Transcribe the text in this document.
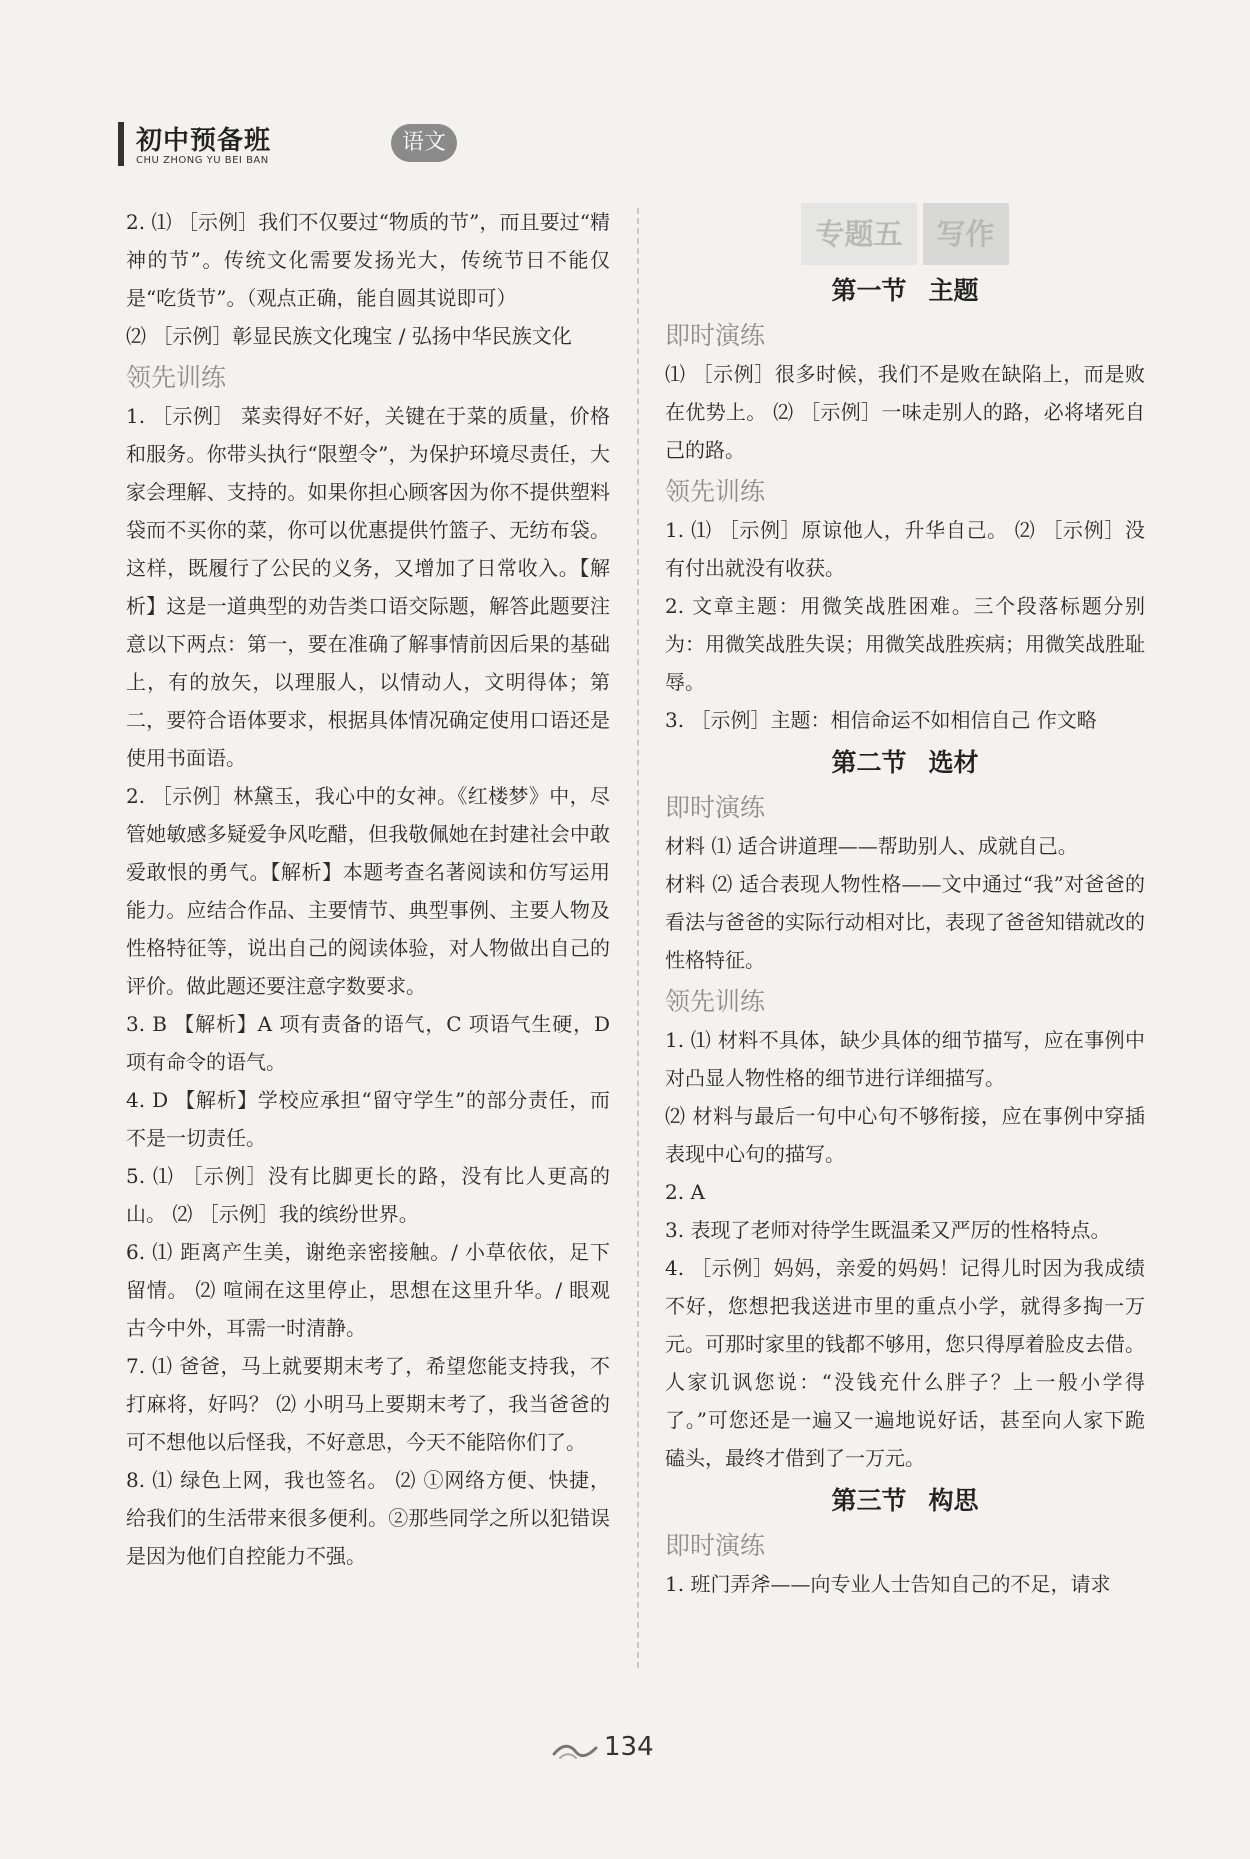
初中预备班
CHU ZHONG YU BEI BAN
语文

2. ⑴ ［示例］我们不仅要过“物质的节”，而且要过“精神的节”。传统文化需要发扬光大，传统节日不能仅是“吃货节”。（观点正确，能自圆其说即可）

⑵ ［示例］彰显民族文化瑰宝 / 弘扬中华民族文化

领先训练

1. ［示例］ 菜卖得好不好，关键在于菜的质量，价格和服务。你带头执行“限塑令”，为保护环境尽责任，大家会理解、支持的。如果你担心顾客因为你不提供塑料袋而不买你的菜，你可以优惠提供竹篮子、无纺布袋。这样，既履行了公民的义务，又增加了日常收入。【解析】这是一道典型的劝告类口语交际题，解答此题要注意以下两点：第一，要在准确了解事情前因后果的基础上，有的放矢，以理服人，以情动人，文明得体；第二，要符合语体要求，根据具体情况确定使用口语还是使用书面语。

2. ［示例］林黛玉，我心中的女神。《红楼梦》中，尽管她敏感多疑爱争风吃醋，但我敬佩她在封建社会中敢爱敢恨的勇气。【解析】本题考查名著阅读和仿写运用能力。应结合作品、主要情节、典型事例、主要人物及性格特征等，说出自己的阅读体验，对人物做出自己的评价。做此题还要注意字数要求。

3. B 【解析】A 项有责备的语气，C 项语气生硬，D 项有命令的语气。

4. D 【解析】学校应承担“留守学生”的部分责任，而不是一切责任。

5. ⑴ ［示例］没有比脚更长的路，没有比人更高的山。 ⑵ ［示例］我的缤纷世界。

6. ⑴ 距离产生美，谢绝亲密接触。/ 小草依依，足下留情。 ⑵ 喧闹在这里停止，思想在这里升华。/ 眼观古今中外，耳需一时清静。

7. ⑴ 爸爸，马上就要期末考了，希望您能支持我，不打麻将，好吗？ ⑵ 小明马上要期末考了，我当爸爸的可不想他以后怪我，不好意思，今天不能陪你们了。

8. ⑴ 绿色上网，我也签名。 ⑵ ①网络方便、快捷，给我们的生活带来很多便利。②那些同学之所以犯错误是因为他们自控能力不强。

专题五	写作
第一节 主题
即时演练

⑴ ［示例］很多时候，我们不是败在缺陷上，而是败在优势上。 ⑵ ［示例］一味走别人的路，必将堵死自己的路。

领先训练

1. ⑴ ［示例］原谅他人，升华自己。 ⑵ ［示例］没有付出就没有收获。

2. 文章主题：用微笑战胜困难。三个段落标题分别为：用微笑战胜失误；用微笑战胜疾病；用微笑战胜耻辱。

3. ［示例］主题：相信命运不如相信自己 作文略

第二节 选材
即时演练

材料 ⑴ 适合讲道理——帮助别人、成就自己。

材料 ⑵ 适合表现人物性格——文中通过“我”对爸爸的看法与爸爸的实际行动相对比，表现了爸爸知错就改的性格特征。

领先训练

1. ⑴ 材料不具体，缺少具体的细节描写，应在事例中对凸显人物性格的细节进行详细描写。

⑵ 材料与最后一句中心句不够衔接，应在事例中穿插表现中心句的描写。

2. A

3. 表现了老师对待学生既温柔又严厉的性格特点。

4. ［示例］妈妈，亲爱的妈妈！记得儿时因为我成绩不好，您想把我送进市里的重点小学，就得多掏一万元。可那时家里的钱都不够用，您只得厚着脸皮去借。人家讥讽您说：“没钱充什么胖子？上一般小学得了。”可您还是一遍又一遍地说好话，甚至向人家下跪磕头，最终才借到了一万元。

第三节 构思
即时演练

1. 班门弄斧——向专业人士告知自己的不足，请求

134
